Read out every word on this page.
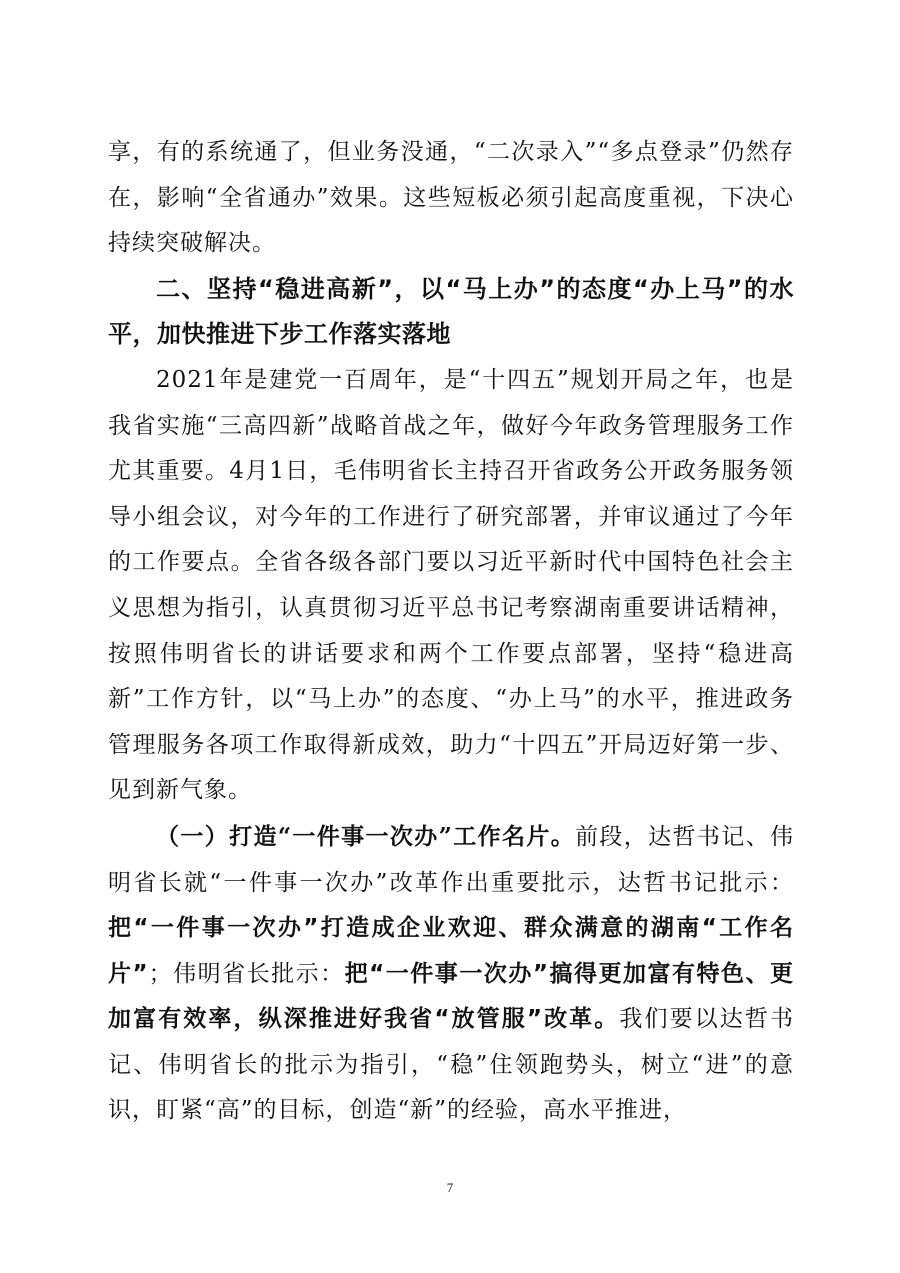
享，有的系统通了，但业务没通，“二次录入”“多点登录”仍然存在，影响“全省通办”效果。这些短板必须引起高度重视，下决心持续突破解决。

二、坚持“稳进高新”，以“马上办”的态度“办上马”的水平，加快推进下步工作落实落地

2021年是建党一百周年，是“十四五”规划开局之年，也是我省实施“三高四新”战略首战之年，做好今年政务管理服务工作尤其重要。4月1日，毛伟明省长主持召开省政务公开政务服务领导小组会议，对今年的工作进行了研究部署，并审议通过了今年的工作要点。全省各级各部门要以习近平新时代中国特色社会主义思想为指引，认真贯彻习近平总书记考察湖南重要讲话精神，按照伟明省长的讲话要求和两个工作要点部署，坚持“稳进高新”工作方针，以“马上办”的态度、“办上马”的水平，推进政务管理服务各项工作取得新成效，助力“十四五”开局迈好第一步、见到新气象。

（一）打造“一件事一次办”工作名片。前段，达哲书记、伟明省长就“一件事一次办”改革作出重要批示，达哲书记批示：把“一件事一次办”打造成企业欢迎、群众满意的湖南“工作名片”；伟明省长批示：把“一件事一次办”搞得更加富有特色、更加富有效率，纵深推进好我省“放管服”改革。我们要以达哲书记、伟明省长的批示为指引，“稳”住领跑势头，树立“进”的意识，盯紧“高”的目标，创造“新”的经验，高水平推进，

7
